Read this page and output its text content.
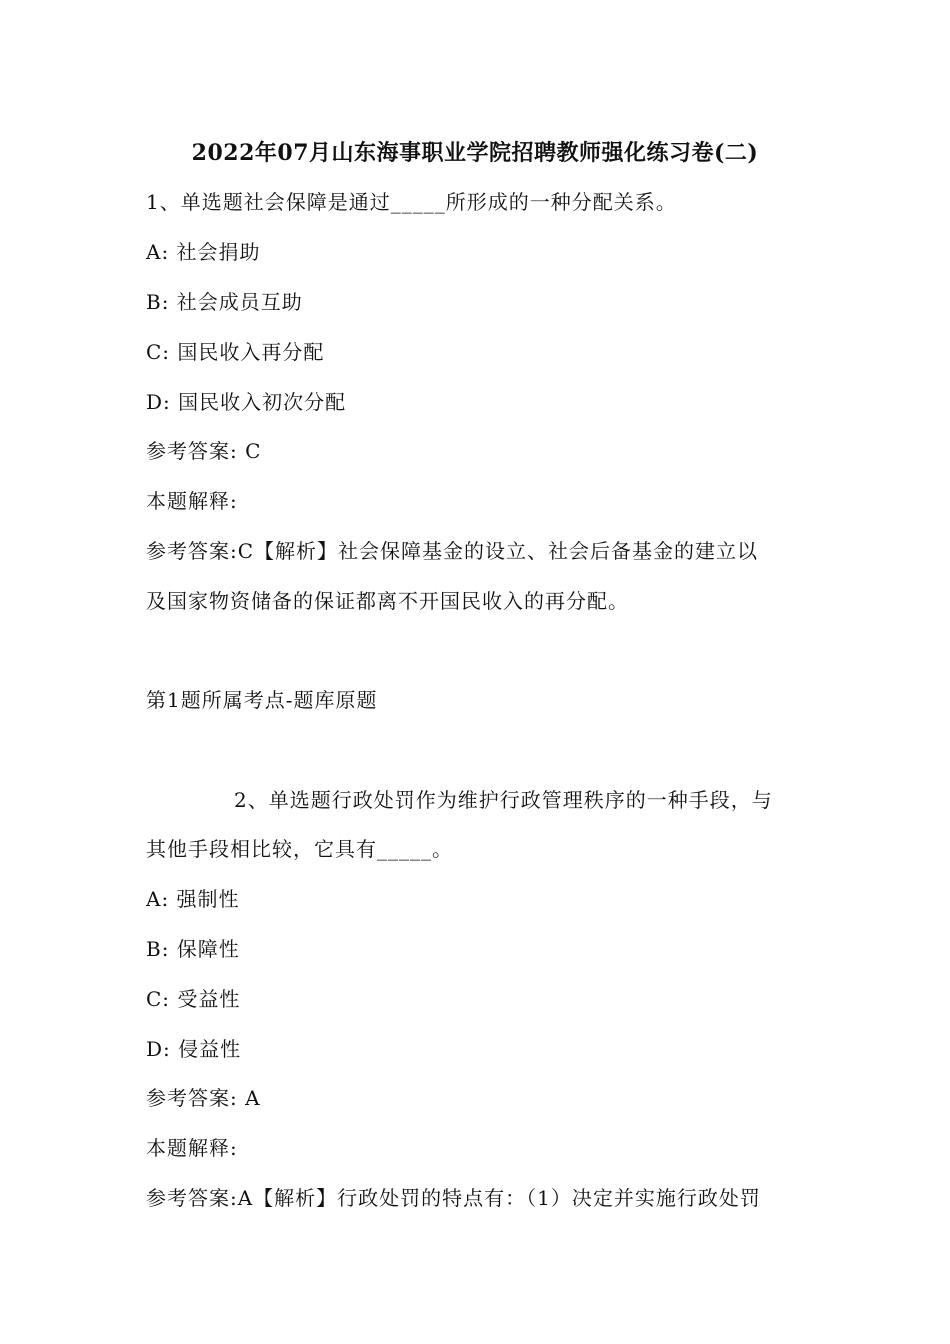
2022年07月山东海事职业学院招聘教师强化练习卷(二)
1、单选题社会保障是通过_____所形成的一种分配关系。
A: 社会捐助
B: 社会成员互助
C: 国民收入再分配
D: 国民收入初次分配
参考答案: C
本题解释:
参考答案:C【解析】社会保障基金的设立、社会后备基金的建立以
及国家物资储备的保证都离不开国民收入的再分配。
第1题所属考点-题库原题
2、单选题行政处罚作为维护行政管理秩序的一种手段，与
其他手段相比较，它具有_____。
A: 强制性
B: 保障性
C: 受益性
D: 侵益性
参考答案: A
本题解释:
参考答案:A【解析】行政处罚的特点有：（1）决定并实施行政处罚
